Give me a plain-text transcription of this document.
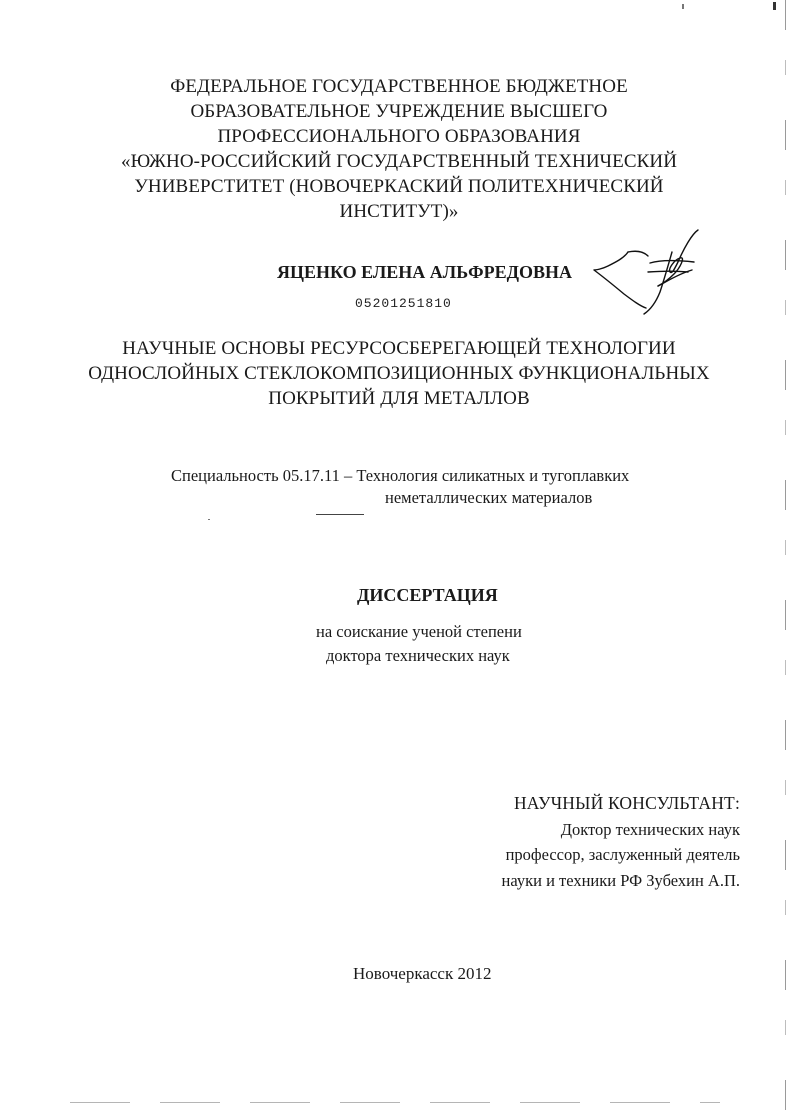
ФЕДЕРАЛЬНОЕ ГОСУДАРСТВЕННОЕ БЮДЖЕТНОЕ
ОБРАЗОВАТЕЛЬНОЕ УЧРЕЖДЕНИЕ ВЫСШЕГО
ПРОФЕССИОНАЛЬНОГО ОБРАЗОВАНИЯ
«ЮЖНО-РОССИЙСКИЙ ГОСУДАРСТВЕННЫЙ ТЕХНИЧЕСКИЙ
УНИВЕРСТИТЕТ (НОВОЧЕРКАСКИЙ ПОЛИТЕХНИЧЕСКИЙ
ИНСТИТУТ)»
ЯЦЕНКО ЕЛЕНА АЛЬФРЕДОВНА
05201251810
НАУЧНЫЕ ОСНОВЫ РЕСУРСОСБЕРЕГАЮЩЕЙ ТЕХНОЛОГИИ
ОДНОСЛОЙНЫХ СТЕКЛОКОМПОЗИЦИОННЫХ ФУНКЦИОНАЛЬНЫХ
ПОКРЫТИЙ ДЛЯ МЕТАЛЛОВ
Специальность 05.17.11 – Технология силикатных и тугоплавких
неметаллических материалов
ДИССЕРТАЦИЯ
на соискание ученой степени
доктора технических наук
НАУЧНЫЙ КОНСУЛЬТАНТ:
Доктор технических наук
профессор, заслуженный деятель
науки и техники РФ Зубехин А.П.
Новочеркасск 2012
